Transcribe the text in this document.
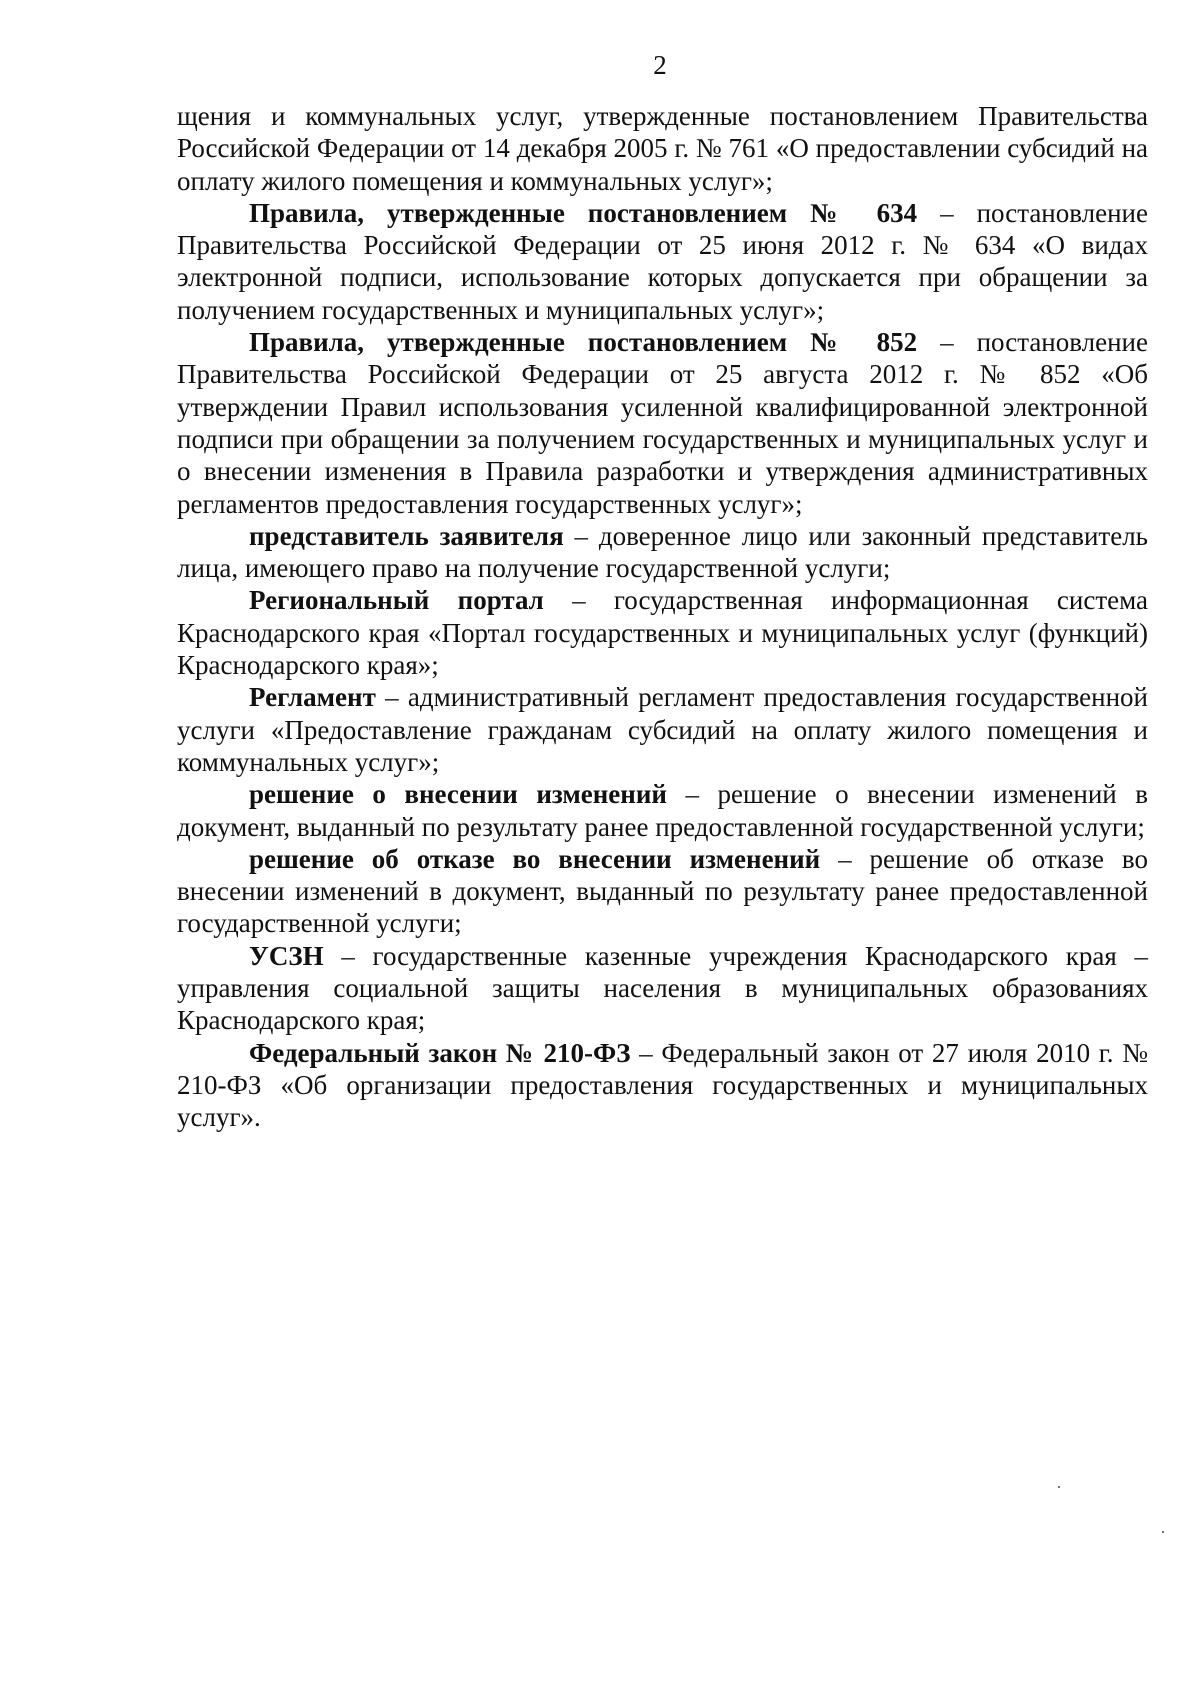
2

щения и коммунальных услуг, утвержденные постановлением Правительства Российской Федерации от 14 декабря 2005 г. № 761 «О предоставлении субсидий на оплату жилого помещения и коммунальных услуг»;

Правила, утвержденные постановлением № 634 – постановление Правительства Российской Федерации от 25 июня 2012 г. № 634 «О видах электронной подписи, использование которых допускается при обращении за получением государственных и муниципальных услуг»;

Правила, утвержденные постановлением № 852 – постановление Правительства Российской Федерации от 25 августа 2012 г. № 852 «Об утверждении Правил использования усиленной квалифицированной электронной подписи при обращении за получением государственных и муниципальных услуг и о внесении изменения в Правила разработки и утверждения административных регламентов предоставления государственных услуг»;

представитель заявителя – доверенное лицо или законный представитель лица, имеющего право на получение государственной услуги;

Региональный портал – государственная информационная система Краснодарского края «Портал государственных и муниципальных услуг (функций) Краснодарского края»;

Регламент – административный регламент предоставления государственной услуги «Предоставление гражданам субсидий на оплату жилого помещения и коммунальных услуг»;

решение о внесении изменений – решение о внесении изменений в документ, выданный по результату ранее предоставленной государственной услуги;

решение об отказе во внесении изменений – решение об отказе во внесении изменений в документ, выданный по результату ранее предоставленной государственной услуги;

УСЗН – государственные казенные учреждения Краснодарского края – управления социальной защиты населения в муниципальных образованиях Краснодарского края;

Федеральный закон № 210-ФЗ – Федеральный закон от 27 июля 2010 г. № 210-ФЗ «Об организации предоставления государственных и муниципальных услуг».
